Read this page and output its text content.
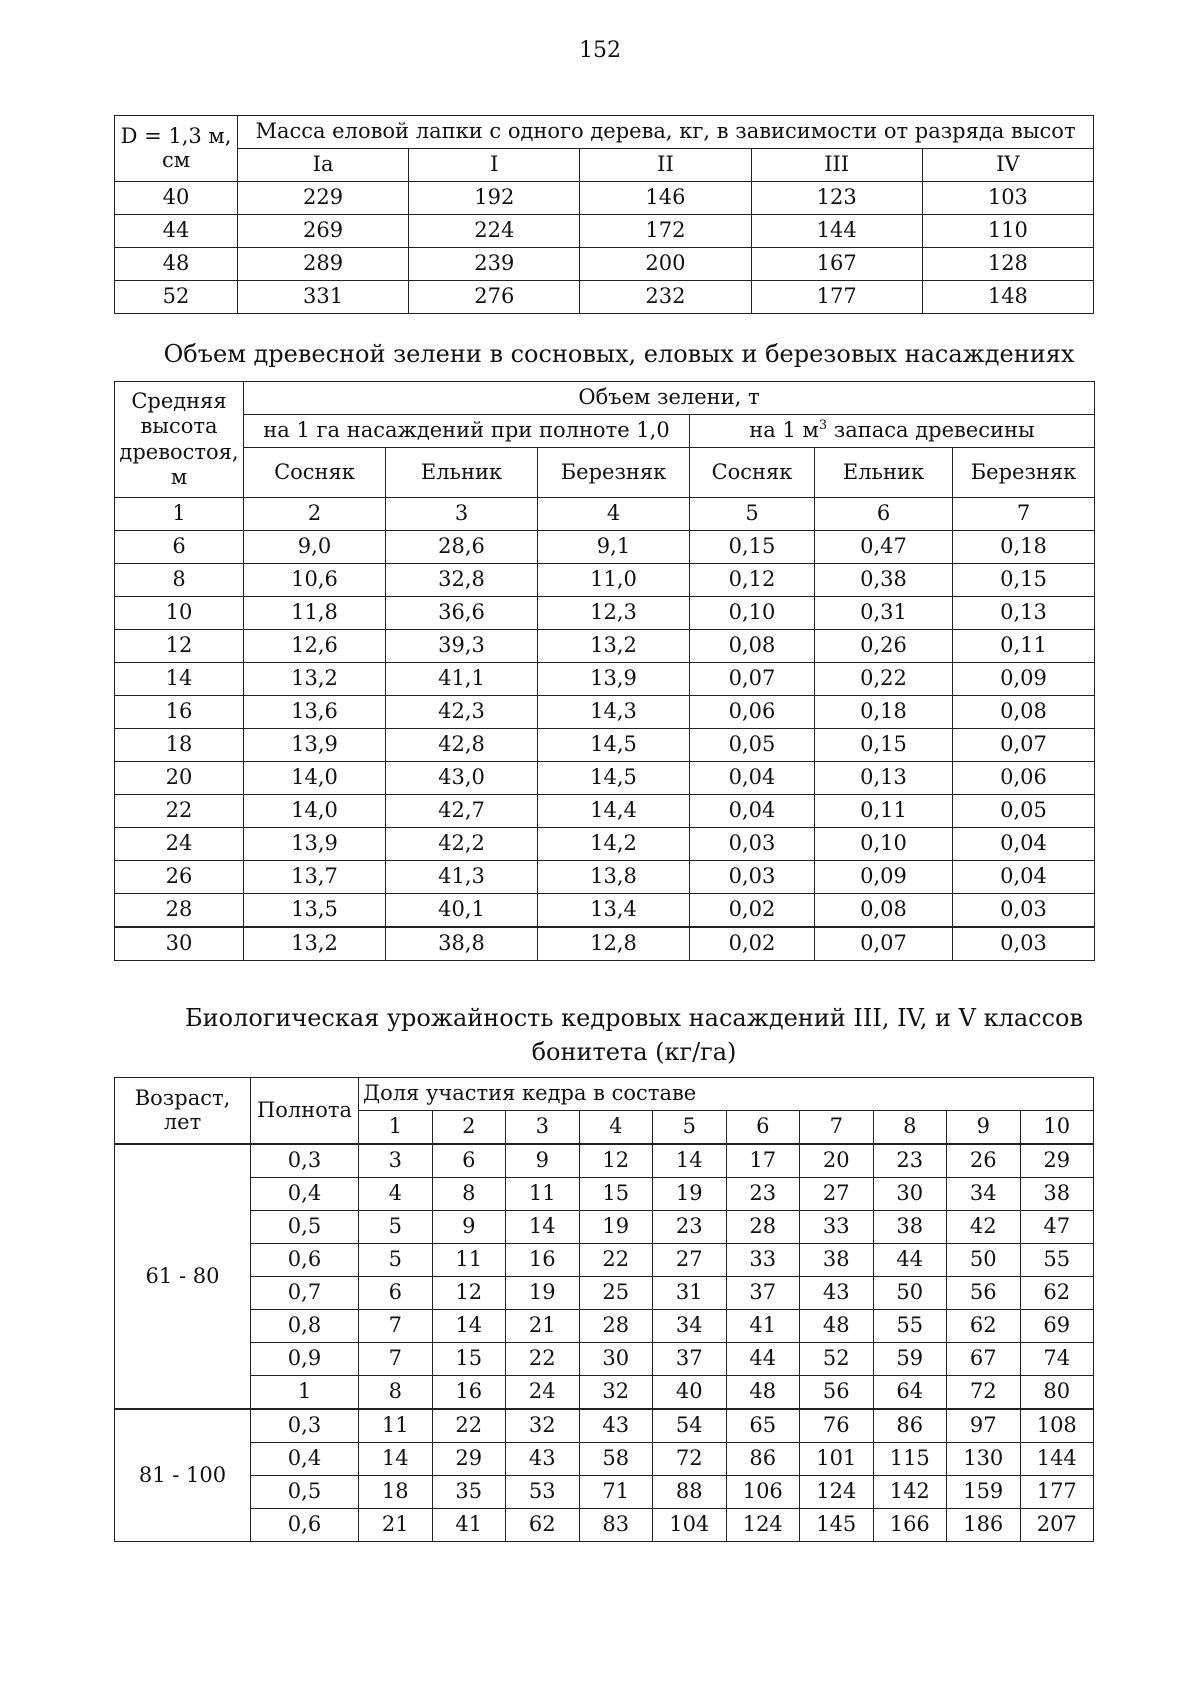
152
D = 1,3 м,
см	Масса еловой лапки с одного дерева, кг, в зависимости от разряда высот				
	Ia	I	II	III	IV
40	229	192	146	123	103
44	269	224	172	144	110
48	289	239	200	167	128
52	331	276	232	177	148
Объем древесной зелени в сосновых, еловых и березовых насаждениях
Средняя высота древостоя, м	Объем зелени, т					
	на 1 га насаждений при полноте 1,0			на 1 $м^3$ запаса древесины		
	Сосняк	Ельник	Березняк	Сосняк	Ельник	Березняк
1	2	3	4	5	6	7
6	9,0	28,6	9,1	0,15	0,47	0,18
8	10,6	32,8	11,0	0,12	0,38	0,15
10	11,8	36,6	12,3	0,10	0,31	0,13
12	12,6	39,3	13,2	0,08	0,26	0,11
14	13,2	41,1	13,9	0,07	0,22	0,09
16	13,6	42,3	14,3	0,06	0,18	0,08
18	13,9	42,8	14,5	0,05	0,15	0,07
20	14,0	43,0	14,5	0,04	0,13	0,06
22	14,0	42,7	14,4	0,04	0,11	0,05
24	13,9	42,2	14,2	0,03	0,10	0,04
26	13,7	41,3	13,8	0,03	0,09	0,04
28	13,5	40,1	13,4	0,02	0,08	0,03
30	13,2	38,8	12,8	0,02	0,07	0,03
Биологическая урожайность кедровых насаждений III, IV, и V классов
бонитета (кг/га)
Возраст, лет	Полнота	Доля участия кедра в составе									
		1	2	3	4	5	6	7	8	9	10
61 - 80	0,3	3	6	9	12	14	17	20	23	26	29
	0,4	4	8	11	15	19	23	27	30	34	38
	0,5	5	9	14	19	23	28	33	38	42	47
	0,6	5	11	16	22	27	33	38	44	50	55
	0,7	6	12	19	25	31	37	43	50	56	62
	0,8	7	14	21	28	34	41	48	55	62	69
	0,9	7	15	22	30	37	44	52	59	67	74
	1	8	16	24	32	40	48	56	64	72	80
81 - 100	0,3	11	22	32	43	54	65	76	86	97	108
	0,4	14	29	43	58	72	86	101	115	130	144
	0,5	18	35	53	71	88	106	124	142	159	177
	0,6	21	41	62	83	104	124	145	166	186	207
